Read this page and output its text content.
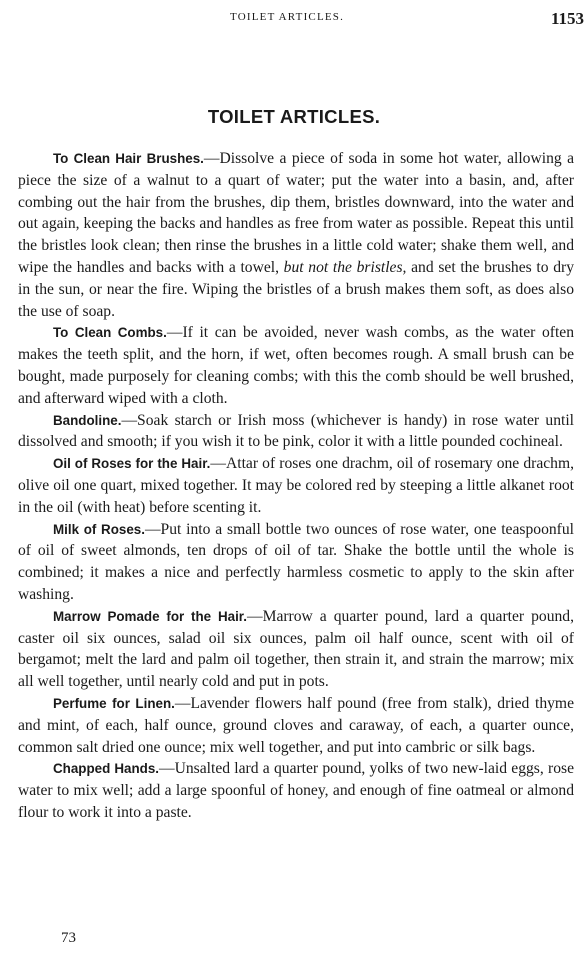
TOILET ARTICLES.	1153
TOILET ARTICLES.

To Clean Hair Brushes.—Dissolve a piece of soda in some hot water, allowing a piece the size of a walnut to a quart of water; put the water into a basin, and, after combing out the hair from the brushes, dip them, bristles downward, into the water and out again, keeping the backs and handles as free from water as possible. Repeat this until the bristles look clean; then rinse the brushes in a little cold water; shake them well, and wipe the handles and backs with a towel, but not the bristles, and set the brushes to dry in the sun, or near the fire. Wiping the bristles of a brush makes them soft, as does also the use of soap.

To Clean Combs.—If it can be avoided, never wash combs, as the water often makes the teeth split, and the horn, if wet, often becomes rough. A small brush can be bought, made purposely for cleaning combs; with this the comb should be well brushed, and afterward wiped with a cloth.

Bandoline.—Soak starch or Irish moss (whichever is handy) in rose water until dissolved and smooth; if you wish it to be pink, color it with a little pounded cochineal.

Oil of Roses for the Hair.—Attar of roses one drachm, oil of rosemary one drachm, olive oil one quart, mixed together. It may be colored red by steeping a little alkanet root in the oil (with heat) before scenting it.

Milk of Roses.—Put into a small bottle two ounces of rose water, one teaspoonful of oil of sweet almonds, ten drops of oil of tar. Shake the bottle until the whole is combined; it makes a nice and perfectly harmless cosmetic to apply to the skin after washing.

Marrow Pomade for the Hair.—Marrow a quarter pound, lard a quarter pound, caster oil six ounces, salad oil six ounces, palm oil half ounce, scent with oil of bergamot; melt the lard and palm oil together, then strain it, and strain the marrow; mix all well together, until nearly cold and put in pots.

Perfume for Linen.—Lavender flowers half pound (free from stalk), dried thyme and mint, of each, half ounce, ground cloves and caraway, of each, a quarter ounce, common salt dried one ounce; mix well together, and put into cambric or silk bags.

Chapped Hands.—Unsalted lard a quarter pound, yolks of two new-laid eggs, rose water to mix well; add a large spoonful of honey, and enough of fine oatmeal or almond flour to work it into a paste.

73
